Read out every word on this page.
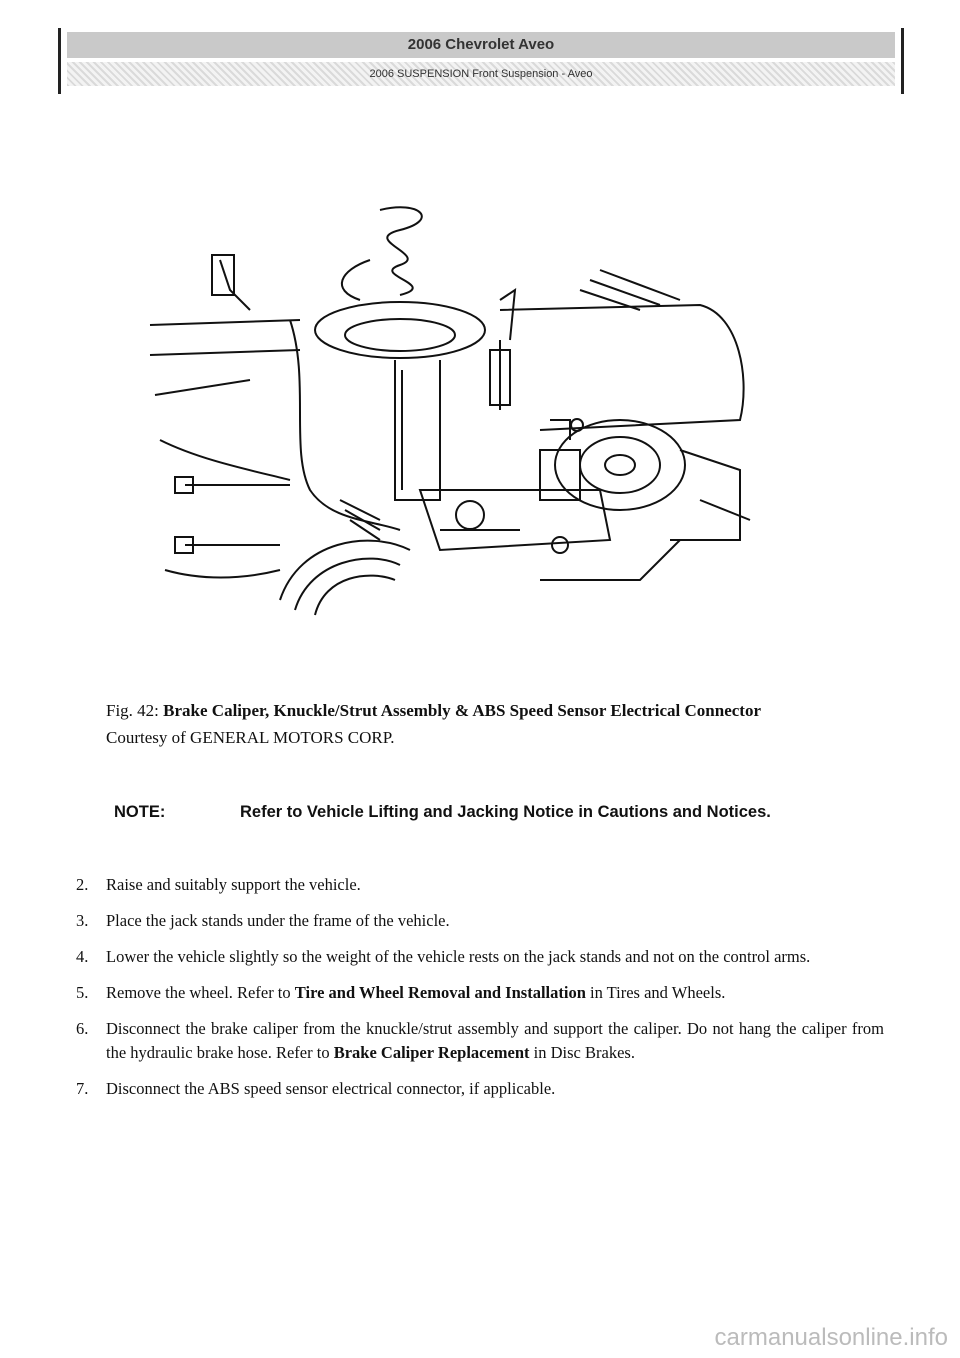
2006 Chevrolet Aveo
2006 SUSPENSION Front Suspension - Aveo
Fig. 42: Brake Caliper, Knuckle/Strut Assembly & ABS Speed Sensor Electrical Connector
Courtesy of GENERAL MOTORS CORP.
NOTE:	Refer to Vehicle Lifting and Jacking Notice in Cautions and Notices.
2.	Raise and suitably support the vehicle.
3.	Place the jack stands under the frame of the vehicle.
4.	Lower the vehicle slightly so the weight of the vehicle rests on the jack stands and not on the control arms.
5.	Remove the wheel. Refer to Tire and Wheel Removal and Installation in Tires and Wheels.
6.	Disconnect the brake caliper from the knuckle/strut assembly and support the caliper. Do not hang the caliper from the hydraulic brake hose. Refer to Brake Caliper Replacement in Disc Brakes.
7.	Disconnect the ABS speed sensor electrical connector, if applicable.
carmanualsonline.info
